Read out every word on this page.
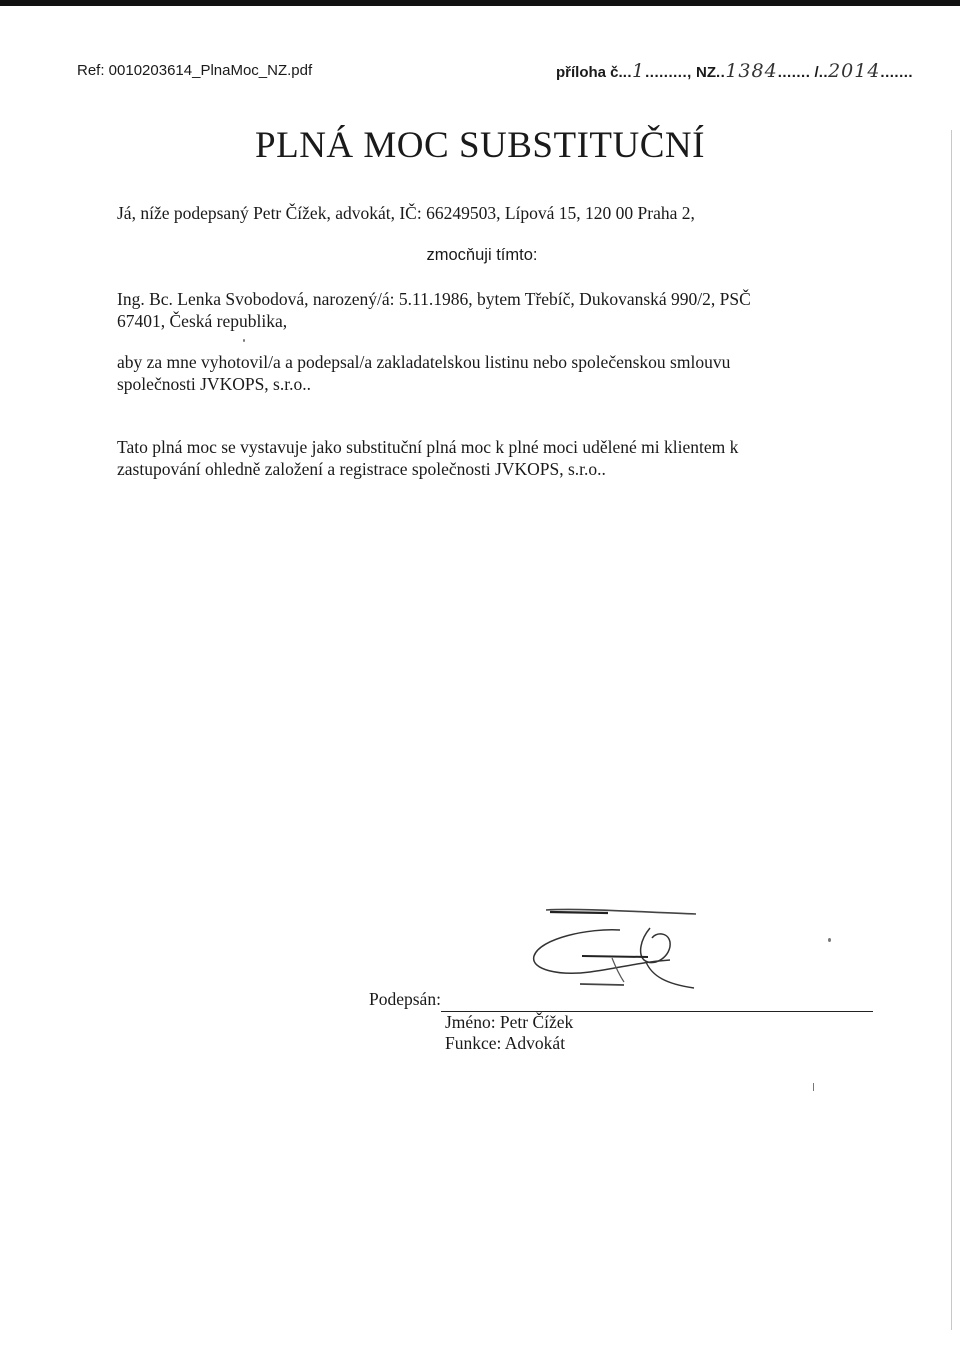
Ref: 0010203614_PlnaMoc_NZ.pdf	příloha č...1........., NZ..1384....... /..2014.......
PLNÁ MOC SUBSTITUČNÍ

Já, níže podepsaný Petr Čížek, advokát, IČ: 66249503, Lípová 15, 120 00 Praha 2,

zmocňuji tímto:

Ing. Bc. Lenka Svobodová, narozený/á: 5.11.1986, bytem Třebíč, Dukovanská 990/2, PSČ

67401, Česká republika,

aby za mne vyhotovil/a a podepsal/a zakladatelskou listinu nebo společenskou smlouvu

společnosti JVKOPS, s.r.o..

Tato plná moc se vystavuje jako substituční plná moc k plné moci udělené mi klientem k

zastupování ohledně založení a registrace společnosti JVKOPS, s.r.o..

Podepsán:
Jméno: Petr Čížek
Funkce: Advokát
